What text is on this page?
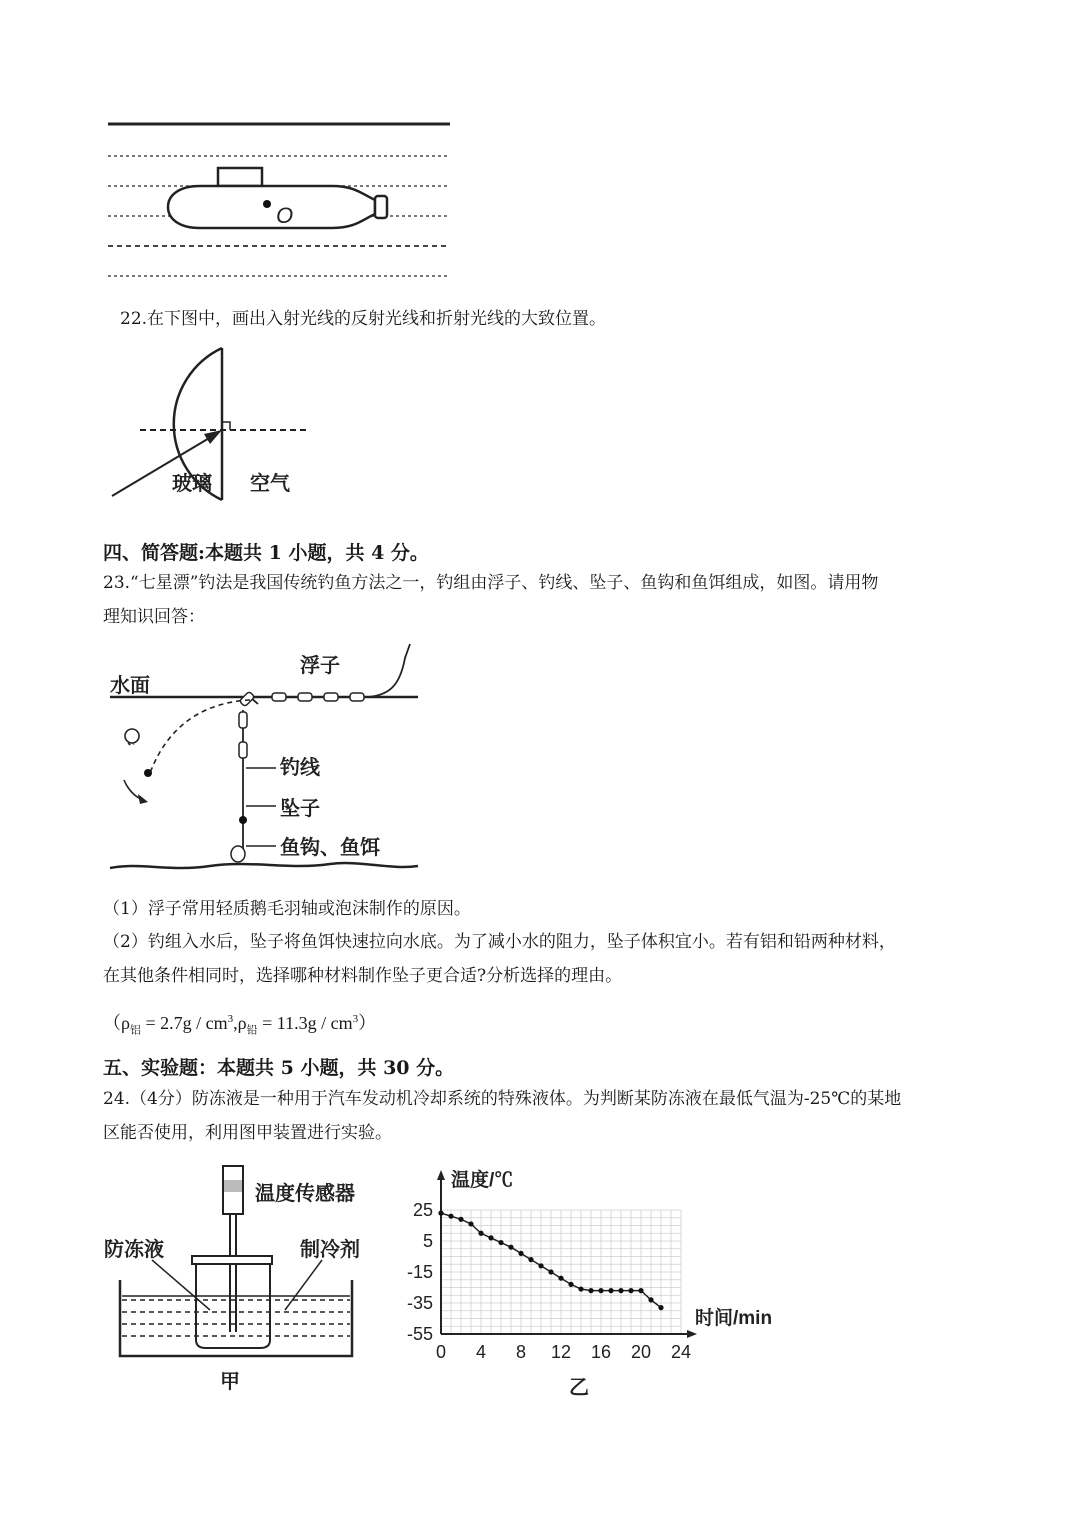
O
22.在下图中，画出入射光线的反射光线和折射光线的大致位置。
玻璃 空气
四、简答题:本题共 1 小题，共 4 分。
23.“七星漂”钓法是我国传统钓鱼方法之一，钓组由浮子、钓线、坠子、鱼钩和鱼饵组成，如图。请用物
理知识回答：
水面
浮子
钓线
坠子
鱼钩、鱼饵
（1）浮子常用轻质鹅毛羽轴或泡沫制作的原因。
（2）钓组入水后，坠子将鱼饵快速拉向水底。为了减小水的阻力，坠子体积宜小。若有铝和铅两种材料，
在其他条件相同时，选择哪种材料制作坠子更合适?分析选择的理由。
$(\rho_铝 = 2.7g / cm^3,\rho_铅 = 11.3g / cm^3)$
五、实验题：本题共 5 小题，共 30 分。
24.（4分）防冻液是一种用于汽车发动机冷却系统的特殊液体。为判断某防冻液在最低气温为-25℃的某地
区能否使用，利用图甲装置进行实验。
温度传感器
防冻液	制冷剂
甲
0 4 8 12 16 20 24
25
5
-15
-35
-55
温度/℃
时间/min
乙
